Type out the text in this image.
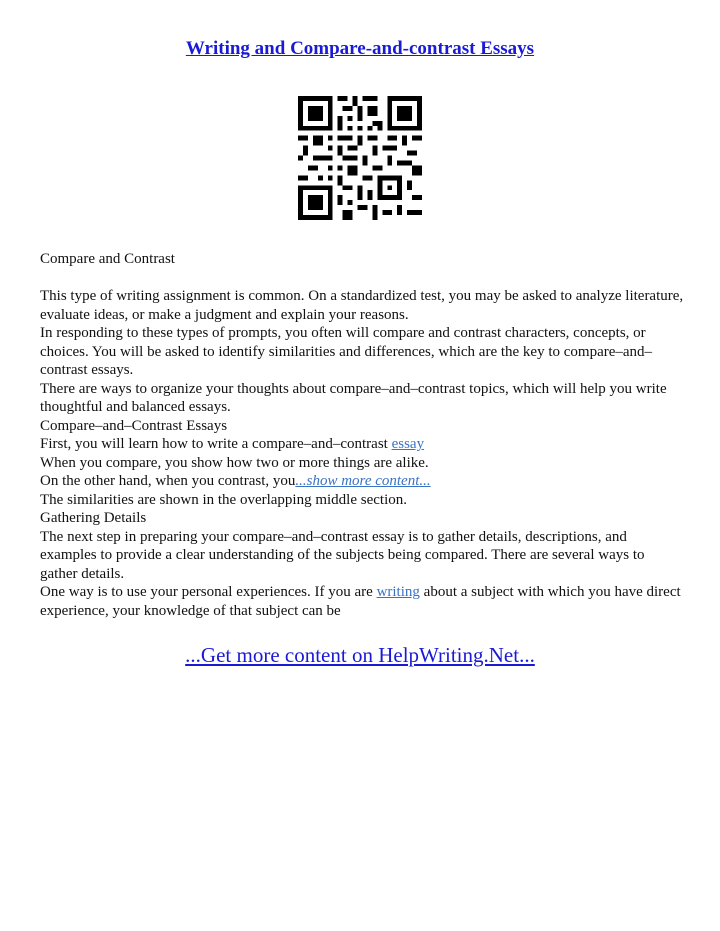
Writing and Compare-and-contrast Essays

Compare and Contrast

This type of writing assignment is common. On a standardized test, you may be asked to analyze literature, evaluate ideas, or make a judgment and explain your reasons.

In responding to these types of prompts, you often will compare and contrast characters, concepts, or choices. You will be asked to identify similarities and differences, which are the key to compare–and–contrast essays.

There are ways to organize your thoughts about compare–and–contrast topics, which will help you write thoughtful and balanced essays.

Compare–and–Contrast Essays

First, you will learn how to write a compare–and–contrast essay

When you compare, you show how two or more things are alike.

On the other hand, when you contrast, you...show more content...

The similarities are shown in the overlapping middle section.

Gathering Details

The next step in preparing your compare–and–contrast essay is to gather details, descriptions, and examples to provide a clear understanding of the subjects being compared. There are several ways to gather details.

One way is to use your personal experiences. If you are writing about a subject with which you have direct experience, your knowledge of that subject can be

...Get more content on HelpWriting.Net...
